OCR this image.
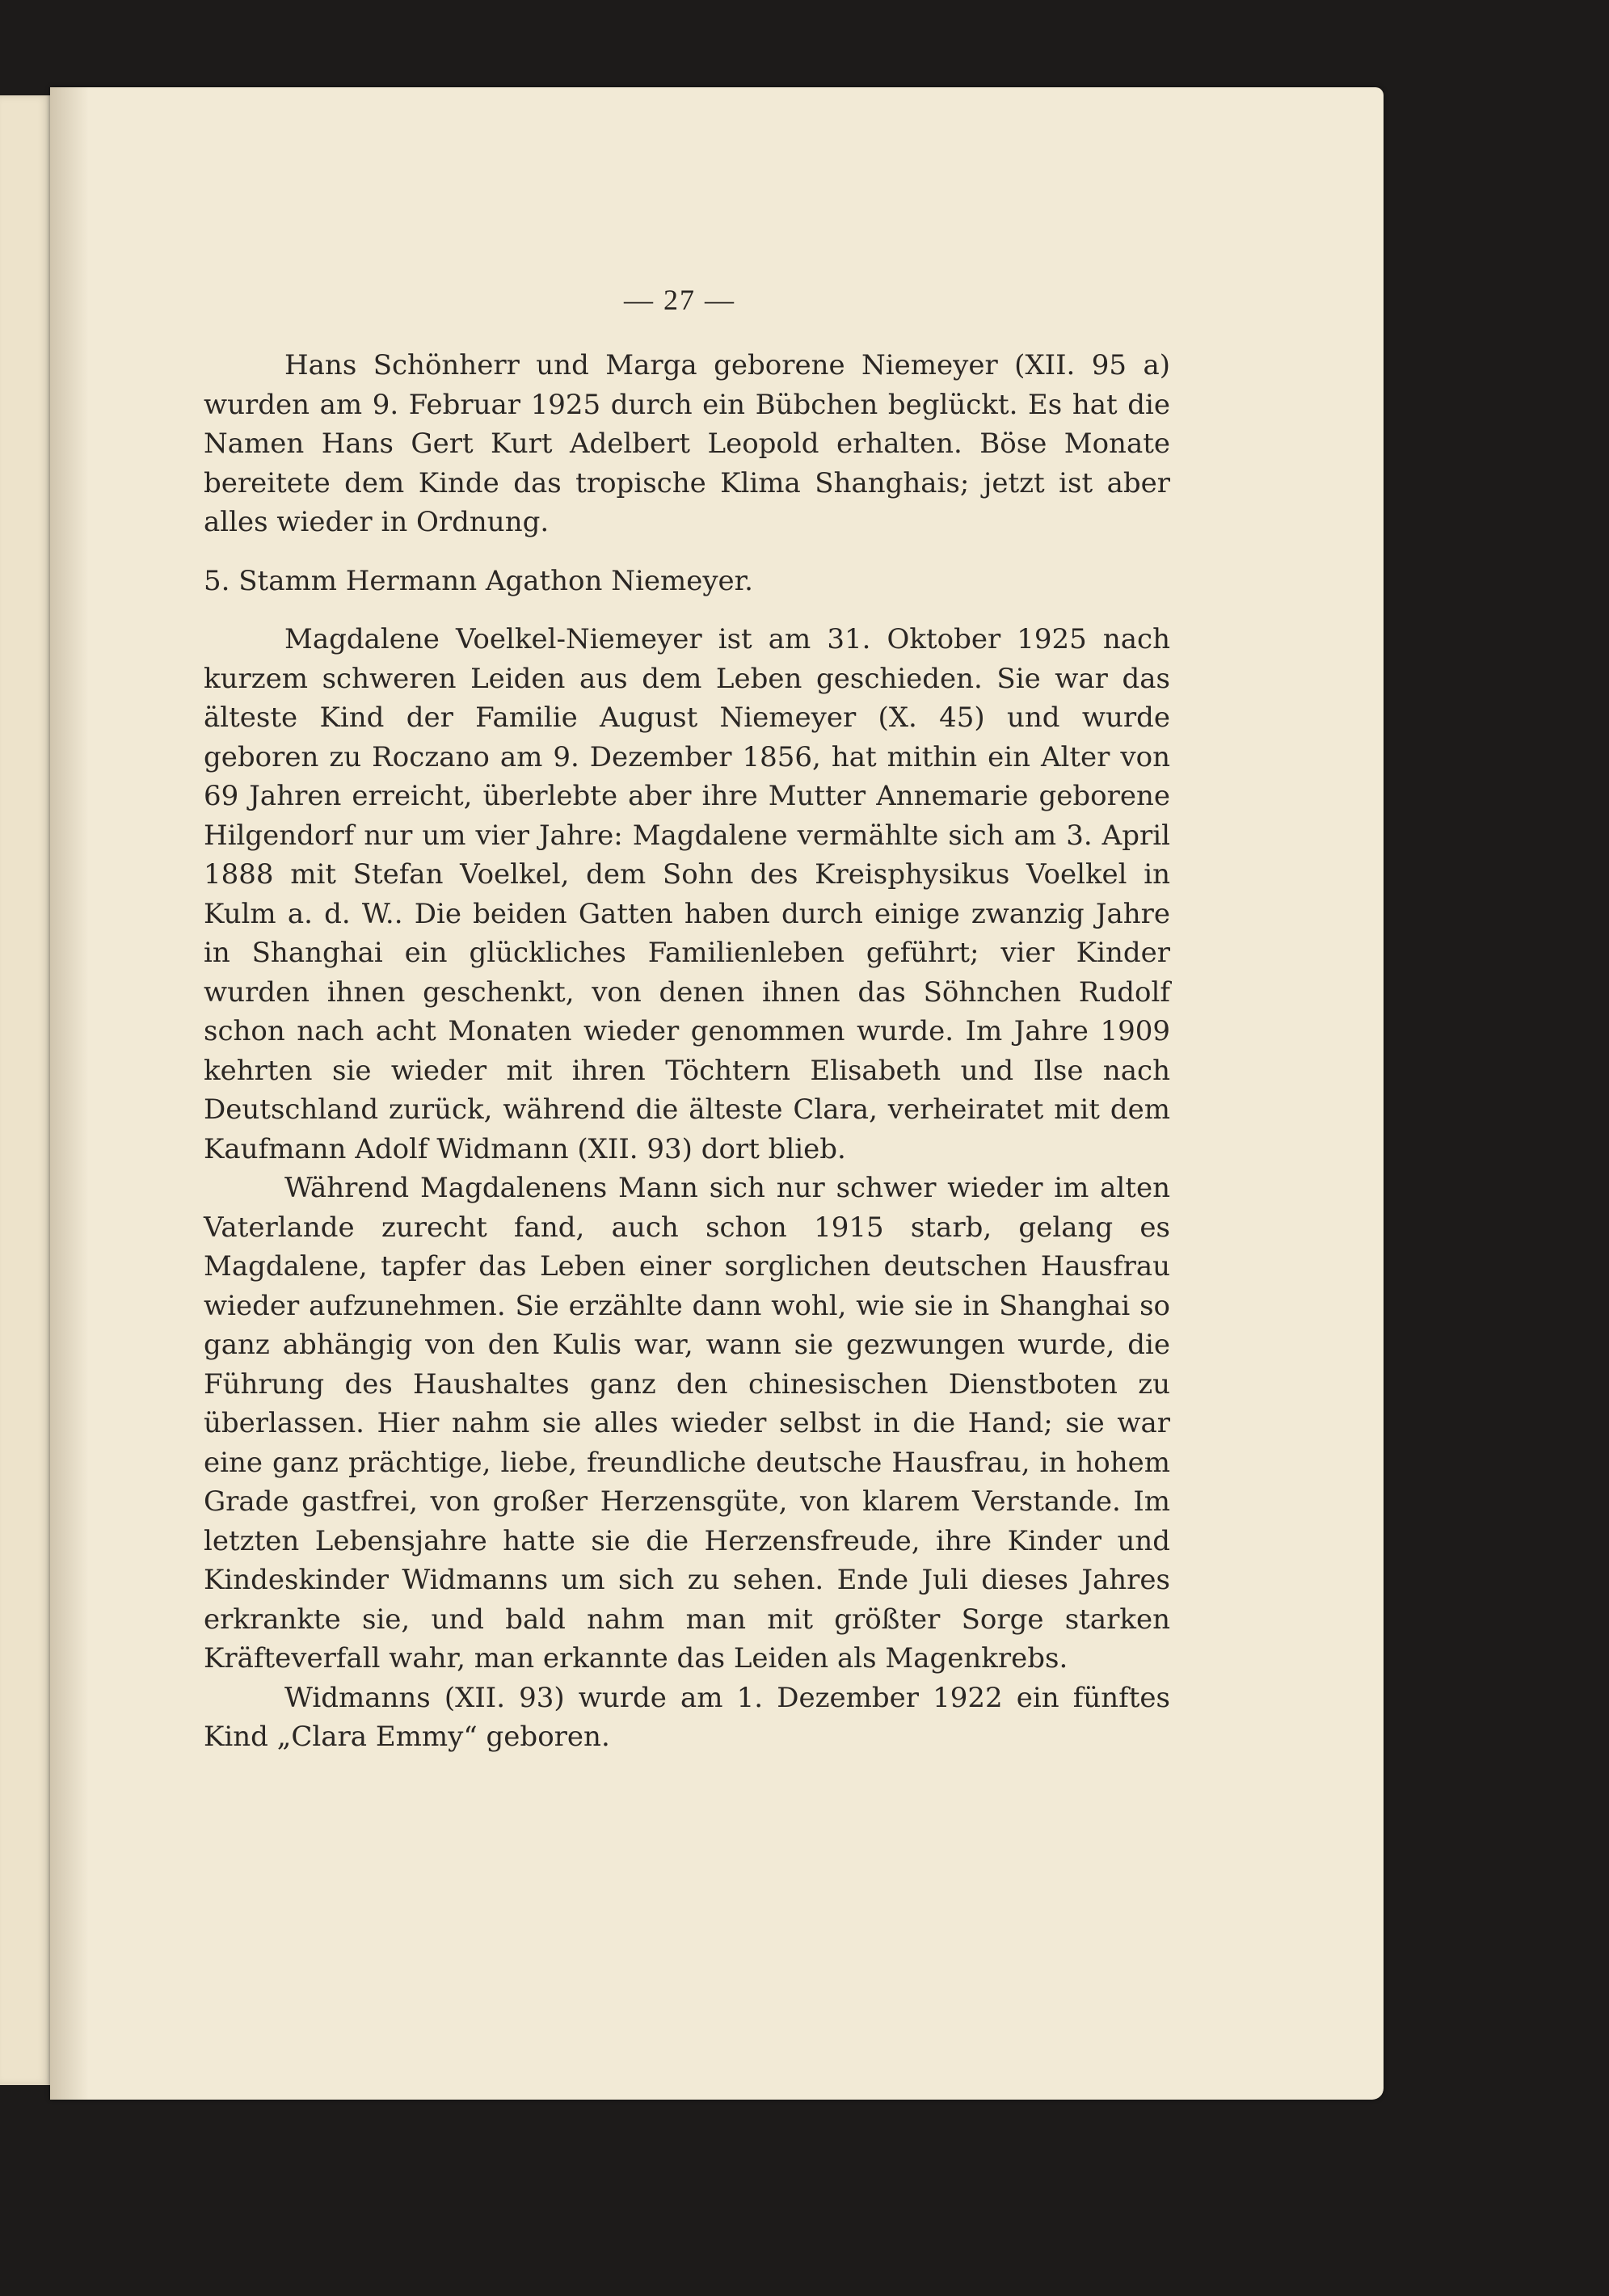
— 27 —

Hans Schönherr und Marga geborene Niemeyer (XII. 95 a) wurden am 9. Februar 1925 durch ein Bübchen beglückt. Es hat die Namen Hans Gert Kurt Adelbert Leopold erhalten. Böse Monate bereitete dem Kinde das tropische Klima Shanghais; jetzt ist aber alles wieder in Ordnung.

5. Stamm Hermann Agathon Niemeyer.

Magdalene Voelkel-Niemeyer ist am 31. Oktober 1925 nach kurzem schweren Leiden aus dem Leben geschieden. Sie war das älteste Kind der Familie August Niemeyer (X. 45) und wurde geboren zu Roczano am 9. Dezember 1856, hat mithin ein Alter von 69 Jahren erreicht, überlebte aber ihre Mutter Annemarie geborene Hilgendorf nur um vier Jahre: Magdalene vermählte sich am 3. April 1888 mit Stefan Voelkel, dem Sohn des Kreisphysikus Voelkel in Kulm a. d. W.. Die beiden Gatten haben durch einige zwanzig Jahre in Shanghai ein glückliches Familienleben geführt; vier Kinder wurden ihnen geschenkt, von denen ihnen das Söhnchen Rudolf schon nach acht Monaten wieder genommen wurde. Im Jahre 1909 kehrten sie wieder mit ihren Töchtern Elisabeth und Ilse nach Deutschland zurück, während die älteste Clara, verheiratet mit dem Kaufmann Adolf Widmann (XII. 93) dort blieb.

Während Magdalenens Mann sich nur schwer wieder im alten Vaterlande zurecht fand, auch schon 1915 starb, gelang es Magdalene, tapfer das Leben einer sorglichen deutschen Hausfrau wieder aufzunehmen. Sie erzählte dann wohl, wie sie in Shanghai so ganz abhängig von den Kulis war, wann sie gezwungen wurde, die Führung des Haushaltes ganz den chinesischen Dienstboten zu überlassen. Hier nahm sie alles wieder selbst in die Hand; sie war eine ganz prächtige, liebe, freundliche deutsche Hausfrau, in hohem Grade gastfrei, von großer Herzensgüte, von klarem Verstande. Im letzten Lebensjahre hatte sie die Herzensfreude, ihre Kinder und Kindeskinder Widmanns um sich zu sehen. Ende Juli dieses Jahres erkrankte sie, und bald nahm man mit größter Sorge starken Kräfteverfall wahr, man erkannte das Leiden als Magenkrebs.

Widmanns (XII. 93) wurde am 1. Dezember 1922 ein fünftes Kind „Clara Emmy“ geboren.
